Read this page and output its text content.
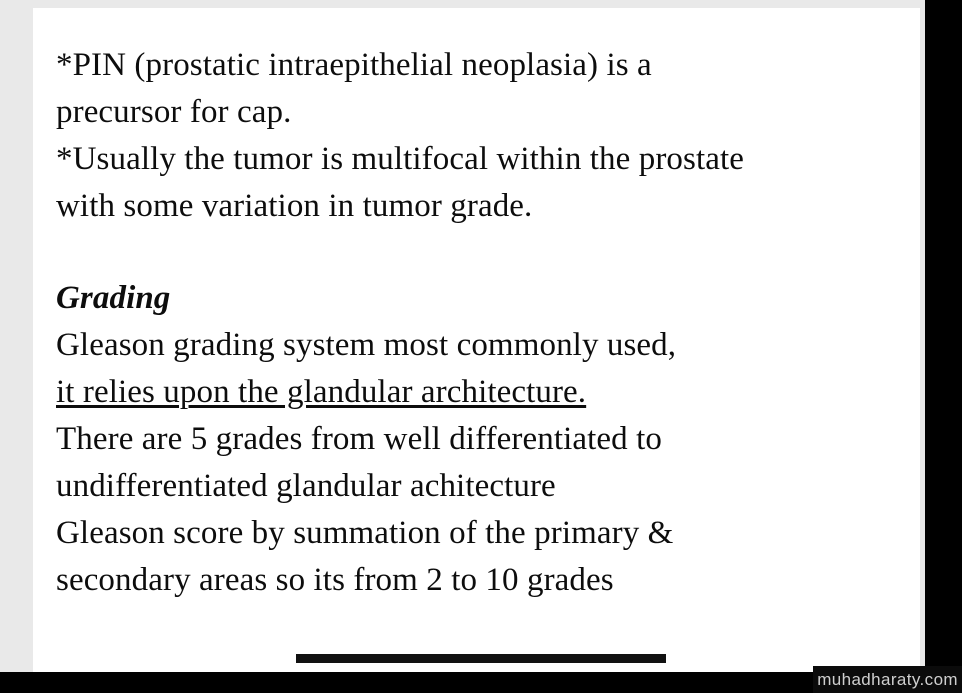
*PIN (prostatic intraepithelial neoplasia) is a
precursor for cap.
*Usually the tumor is multifocal within the prostate
with some variation in tumor grade.
Grading
Gleason grading system most commonly used,
it relies upon the glandular architecture.
There are 5 grades from well differentiated to
undifferentiated glandular achitecture
Gleason score by summation of the primary &
secondary areas so its from 2 to 10 grades
muhadharaty.com
